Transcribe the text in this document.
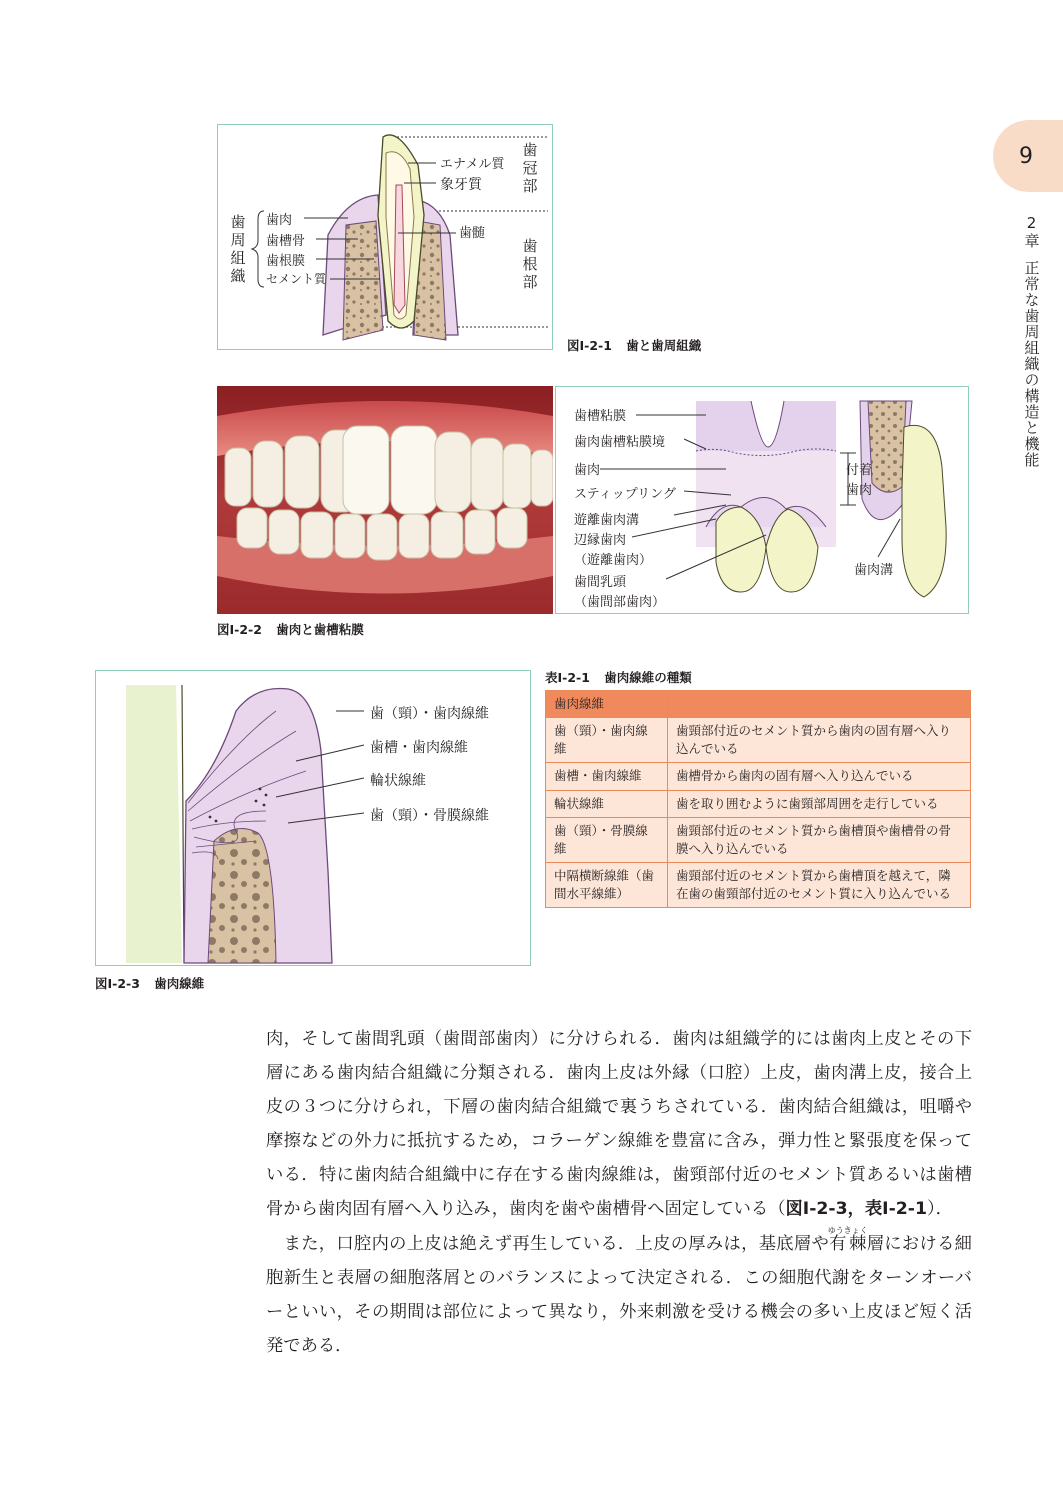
9
2章
正常な歯周組織の構造と機能
エナメル質
象牙質
歯髄
歯肉
歯槽骨
歯根膜
セメント質
歯冠部
歯根部
歯周組織
図Ⅰ-2-1 歯と歯周組織
歯槽粘膜
歯肉歯槽粘膜境
歯肉
スティップリング
遊離歯肉溝
辺縁歯肉
（遊離歯肉）
歯間乳頭
（歯間部歯肉）
付着
歯肉
歯肉溝
図Ⅰ-2-2 歯肉と歯槽粘膜
歯（頸）・歯肉線維
歯槽・歯肉線維
輪状線維
歯（頸）・骨膜線維
図Ⅰ-2-3 歯肉線維
表Ⅰ-2-1 歯肉線維の種類
歯肉線維	
歯（頸）・歯肉線維	歯頸部付近のセメント質から歯肉の固有層へ入り込んでいる
歯槽・歯肉線維	歯槽骨から歯肉の固有層へ入り込んでいる
輪状線維	歯を取り囲むように歯頸部周囲を走行している
歯（頸）・骨膜線維	歯頸部付近のセメント質から歯槽頂や歯槽骨の骨膜へ入り込んでいる
中隔横断線維（歯間水平線維）	歯頸部付近のセメント質から歯槽頂を越えて，隣在歯の歯頸部付近のセメント質に入り込んでいる

肉，そして歯間乳頭（歯間部歯肉）に分けられる．歯肉は組織学的には歯肉上皮とその下層にある歯肉結合組織に分類される．歯肉上皮は外縁（口腔）上皮，歯肉溝上皮，接合上皮の３つに分けられ，下層の歯肉結合組織で裏うちされている．歯肉結合組織は，咀嚼や摩擦などの外力に抵抗するため，コラーゲン線維を豊富に含み，弾力性と緊張度を保っている．特に歯肉結合組織中に存在する歯肉線維は，歯頸部付近のセメント質あるいは歯槽骨から歯肉固有層へ入り込み，歯肉を歯や歯槽骨へ固定している（図Ⅰ-2-3，表Ⅰ-2-1）．

　また，口腔内の上皮は絶えず再生している．上皮の厚みは，基底層や有棘ゆうきょく層における細胞新生と表層の細胞落屑とのバランスによって決定される．この細胞代謝をターンオーバーといい，その期間は部位によって異なり，外来刺激を受ける機会の多い上皮ほど短く活発である．
